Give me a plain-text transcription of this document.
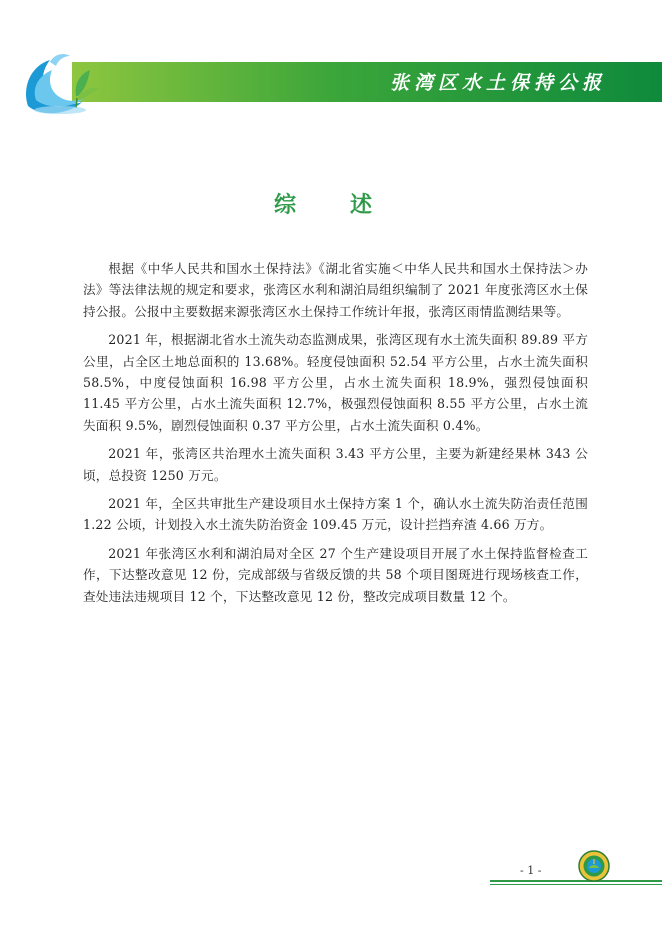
张湾区水土保持公报
综　述

根据《中华人民共和国水土保持法》《湖北省实施＜中华人民共和国水土保持法＞办法》等法律法规的规定和要求，张湾区水利和湖泊局组织编制了 2021 年度张湾区水土保持公报。公报中主要数据来源张湾区水土保持工作统计年报，张湾区雨情监测结果等。

2021 年，根据湖北省水土流失动态监测成果，张湾区现有水土流失面积 89.89 平方公里，占全区土地总面积的 13.68%。轻度侵蚀面积 52.54 平方公里，占水土流失面积 58.5%，中度侵蚀面积 16.98 平方公里，占水土流失面积 18.9%，强烈侵蚀面积 11.45 平方公里，占水土流失面积 12.7%，极强烈侵蚀面积 8.55 平方公里，占水土流失面积 9.5%，剧烈侵蚀面积 0.37 平方公里，占水土流失面积 0.4%。

2021 年，张湾区共治理水土流失面积 3.43 平方公里，主要为新建经果林 343 公顷，总投资 1250 万元。

2021 年，全区共审批生产建设项目水土保持方案 1 个，确认水土流失防治责任范围 1.22 公顷，计划投入水土流失防治资金 109.45 万元，设计拦挡弃渣 4.66 万方。

2021 年张湾区水利和湖泊局对全区 27 个生产建设项目开展了水土保持监督检查工作，下达整改意见 12 份，完成部级与省级反馈的共 58 个项目图斑进行现场核查工作，查处违法违规项目 12 个，下达整改意见 12 份，整改完成项目数量 12 个。

- 1 -
